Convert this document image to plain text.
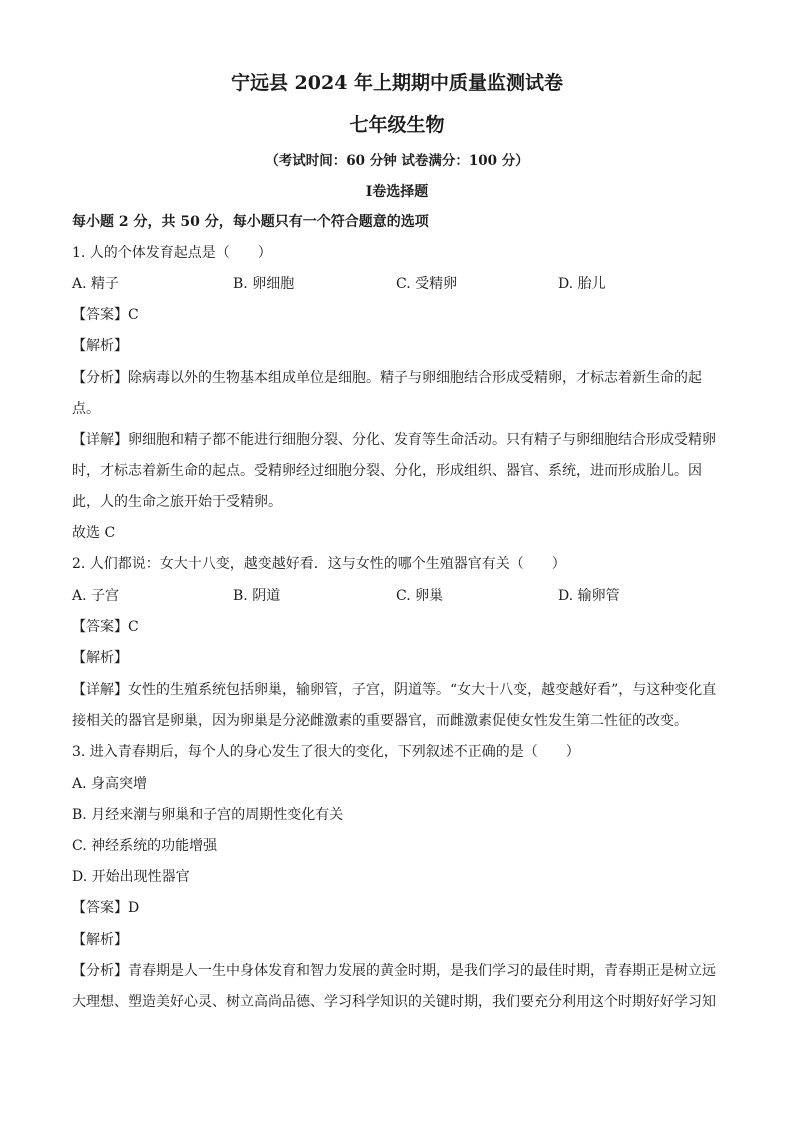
宁远县 2024 年上期期中质量监测试卷
七年级生物
（考试时间：60 分钟 试卷满分：100 分）
Ⅰ卷选择题
每小题 2 分，共 50 分，每小题只有一个符合题意的选项
1. 人的个体发育起点是（　　）
A. 精子	B. 卵细胞	C. 受精卵	D. 胎儿
【答案】C
【解析】
【分析】除病毒以外的生物基本组成单位是细胞。精子与卵细胞结合形成受精卵，才标志着新生命的起
点。
【详解】卵细胞和精子都不能进行细胞分裂、分化、发育等生命活动。只有精子与卵细胞结合形成受精卵
时，才标志着新生命的起点。受精卵经过细胞分裂、分化，形成组织、器官、系统，进而形成胎儿。因
此，人的生命之旅开始于受精卵。
故选 C
2. 人们都说：女大十八变，越变越好看．这与女性的哪个生殖器官有关（　　）
A. 子宫	B. 阴道	C. 卵巢	D. 输卵管
【答案】C
【解析】
【详解】女性的生殖系统包括卵巢，输卵管，子宫，阴道等。“女大十八变，越变越好看”，与这种变化直
接相关的器官是卵巢，因为卵巢是分泌雌激素的重要器官，而雌激素促使女性发生第二性征的改变。
3. 进入青春期后，每个人的身心发生了很大的变化，下列叙述不正确的是（　　）
A. 身高突增
B. 月经来潮与卵巢和子宫的周期性变化有关
C. 神经系统的功能增强
D. 开始出现性器官
【答案】D
【解析】
【分析】青春期是人一生中身体发育和智力发展的黄金时期，是我们学习的最佳时期，青春期正是树立远
大理想、塑造美好心灵、树立高尚品德、学习科学知识的关键时期，我们要充分利用这个时期好好学习知
